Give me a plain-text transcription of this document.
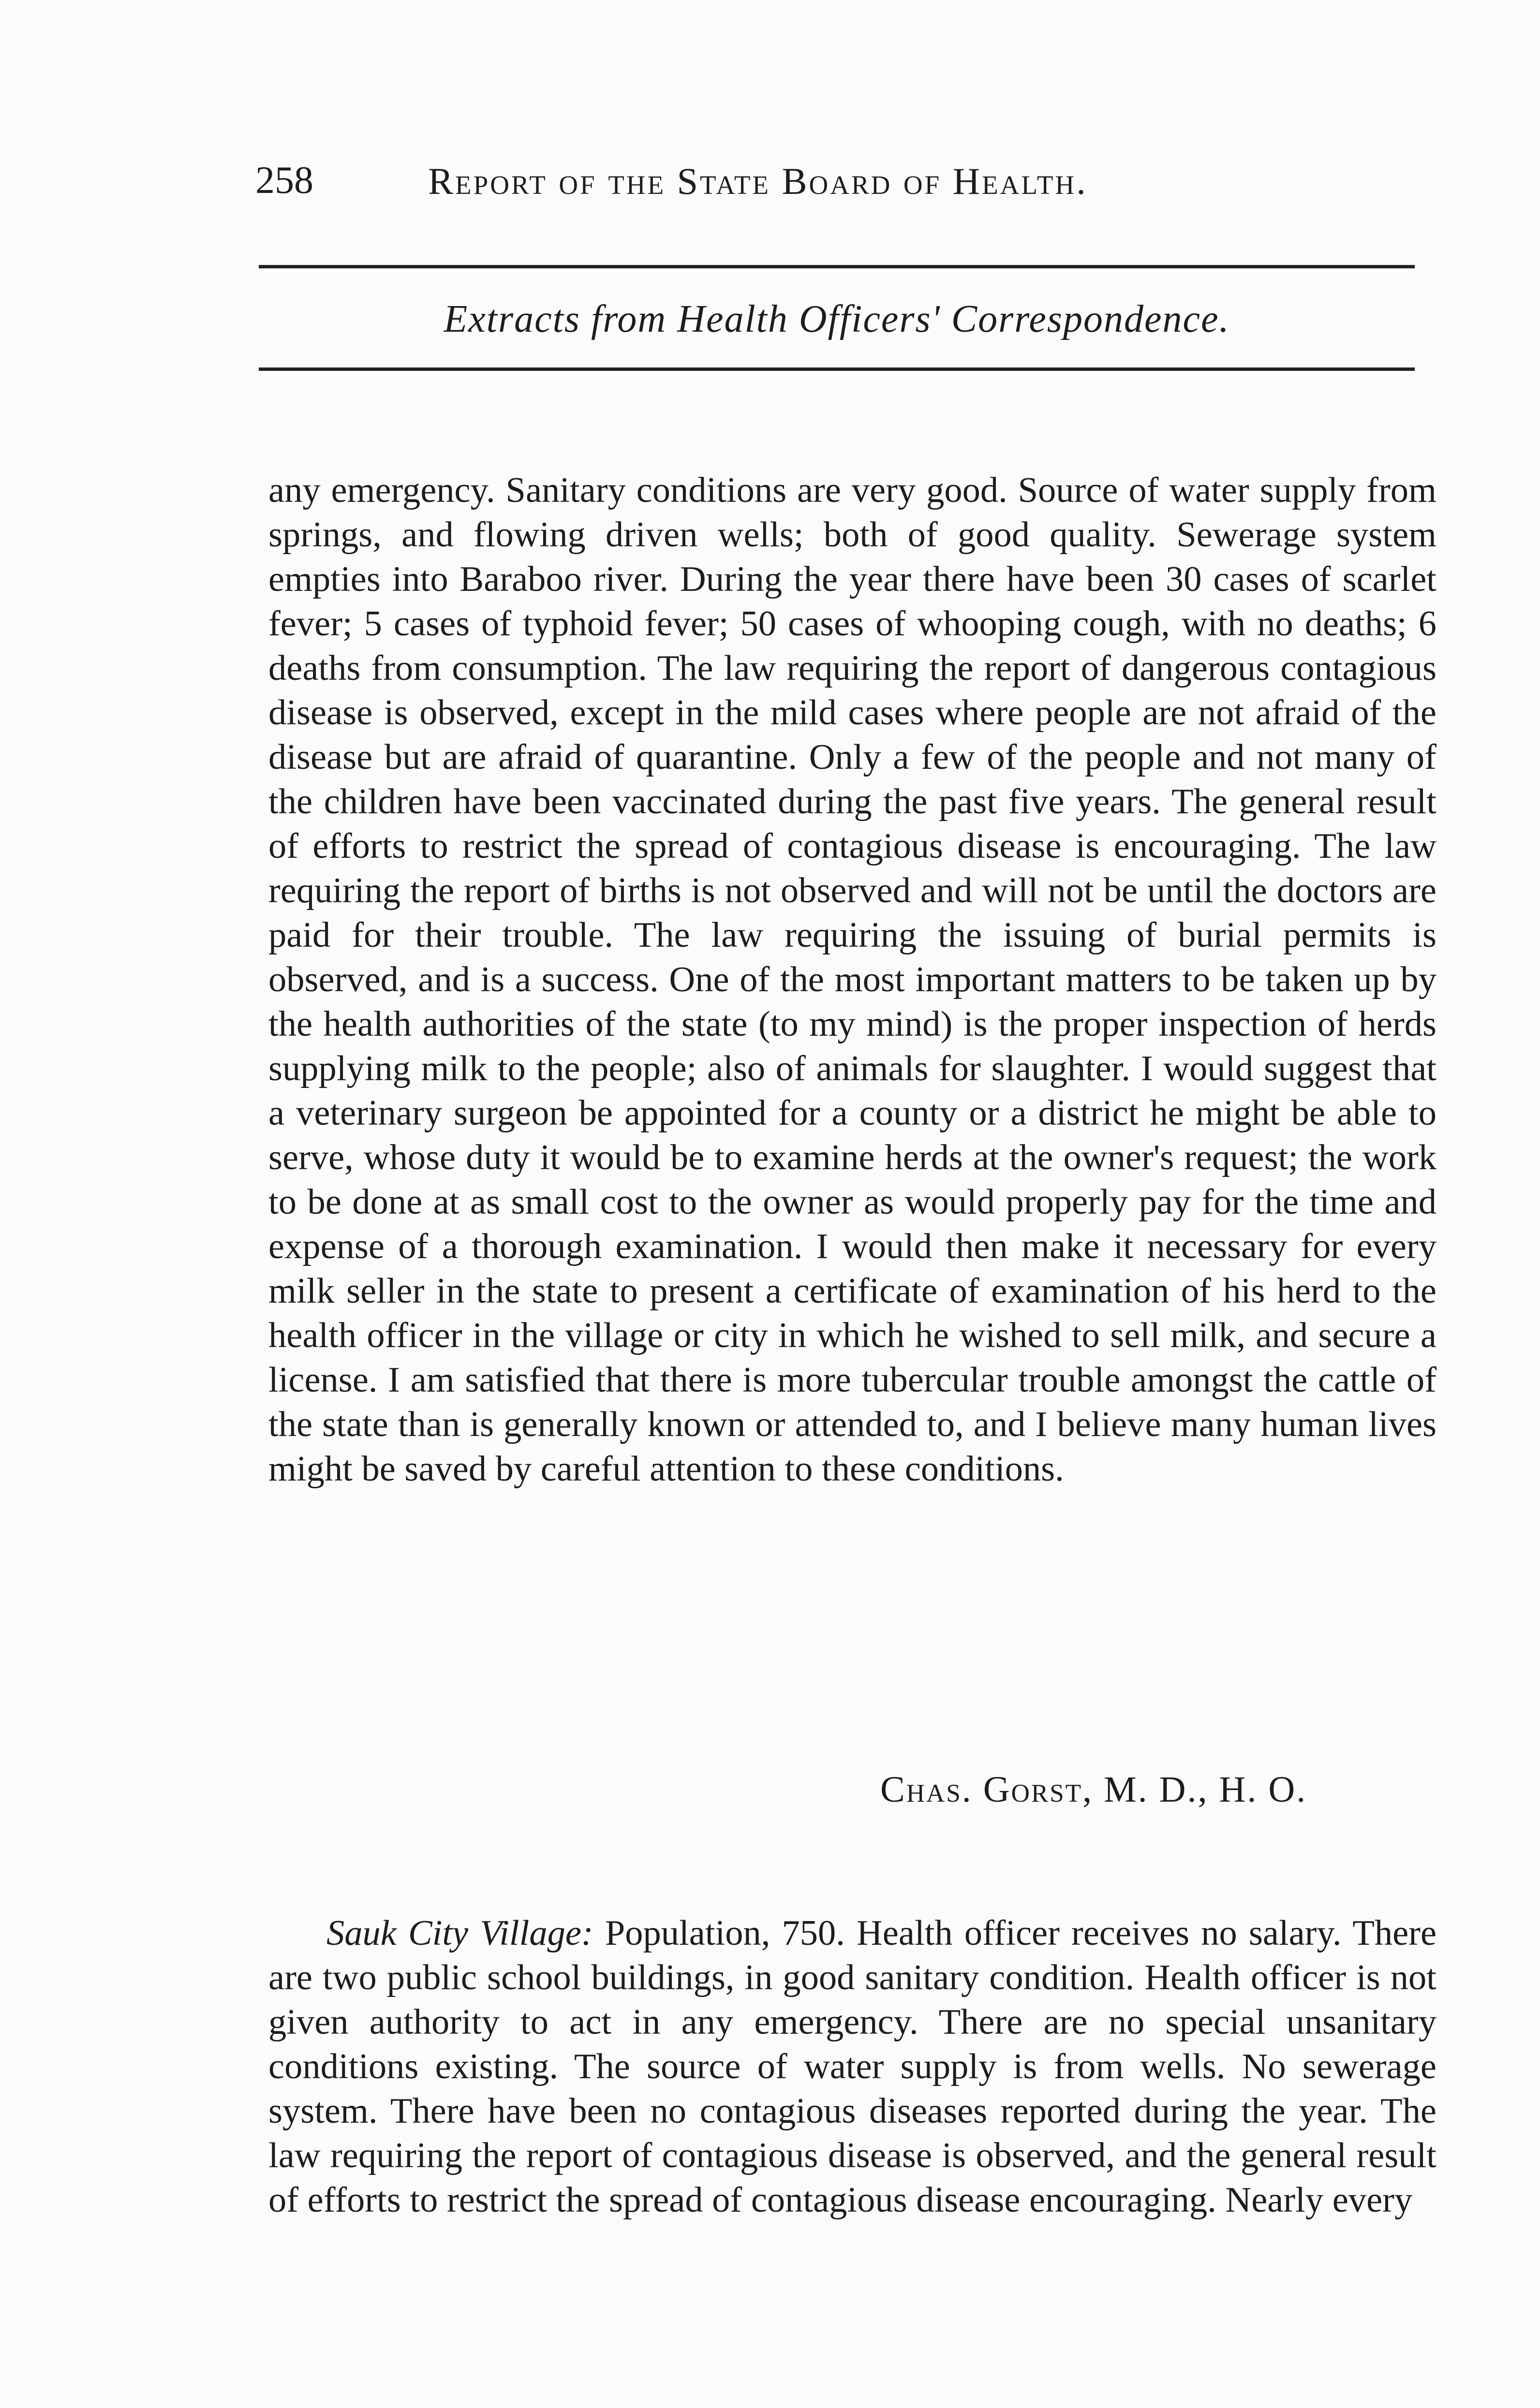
258	Report of the State Board of Health.
Extracts from Health Officers' Correspondence.

any emergency. Sanitary conditions are very good. Source of water supply from springs, and flowing driven wells; both of good quality. Sewerage system empties into Baraboo river. During the year there have been 30 cases of scarlet fever; 5 cases of typhoid fever; 50 cases of whooping cough, with no deaths; 6 deaths from consumption. The law requiring the report of dangerous contagious disease is observed, except in the mild cases where people are not afraid of the disease but are afraid of quarantine. Only a few of the people and not many of the children have been vaccinated during the past five years. The general result of efforts to restrict the spread of contagious disease is encouraging. The law requiring the report of births is not observed and will not be until the doctors are paid for their trouble. The law requiring the issuing of burial permits is observed, and is a success. One of the most important matters to be taken up by the health authorities of the state (to my mind) is the proper inspection of herds supplying milk to the people; also of animals for slaughter. I would suggest that a veterinary surgeon be appointed for a county or a district he might be able to serve, whose duty it would be to examine herds at the owner's request; the work to be done at as small cost to the owner as would properly pay for the time and expense of a thorough examination. I would then make it necessary for every milk seller in the state to present a certificate of examination of his herd to the health officer in the village or city in which he wished to sell milk, and secure a license. I am satisfied that there is more tubercular trouble amongst the cattle of the state than is generally known or attended to, and I believe many human lives might be saved by careful attention to these conditions.

Chas. Gorst, M. D., H. O.

Sauk City Village: Population, 750. Health officer receives no salary. There are two public school buildings, in good sanitary condition. Health officer is not given authority to act in any emergency. There are no special unsanitary conditions existing. The source of water supply is from wells. No sewerage system. There have been no contagious diseases reported during the year. The law requiring the report of contagious disease is observed, and the general result of efforts to restrict the spread of contagious disease encouraging. Nearly every
